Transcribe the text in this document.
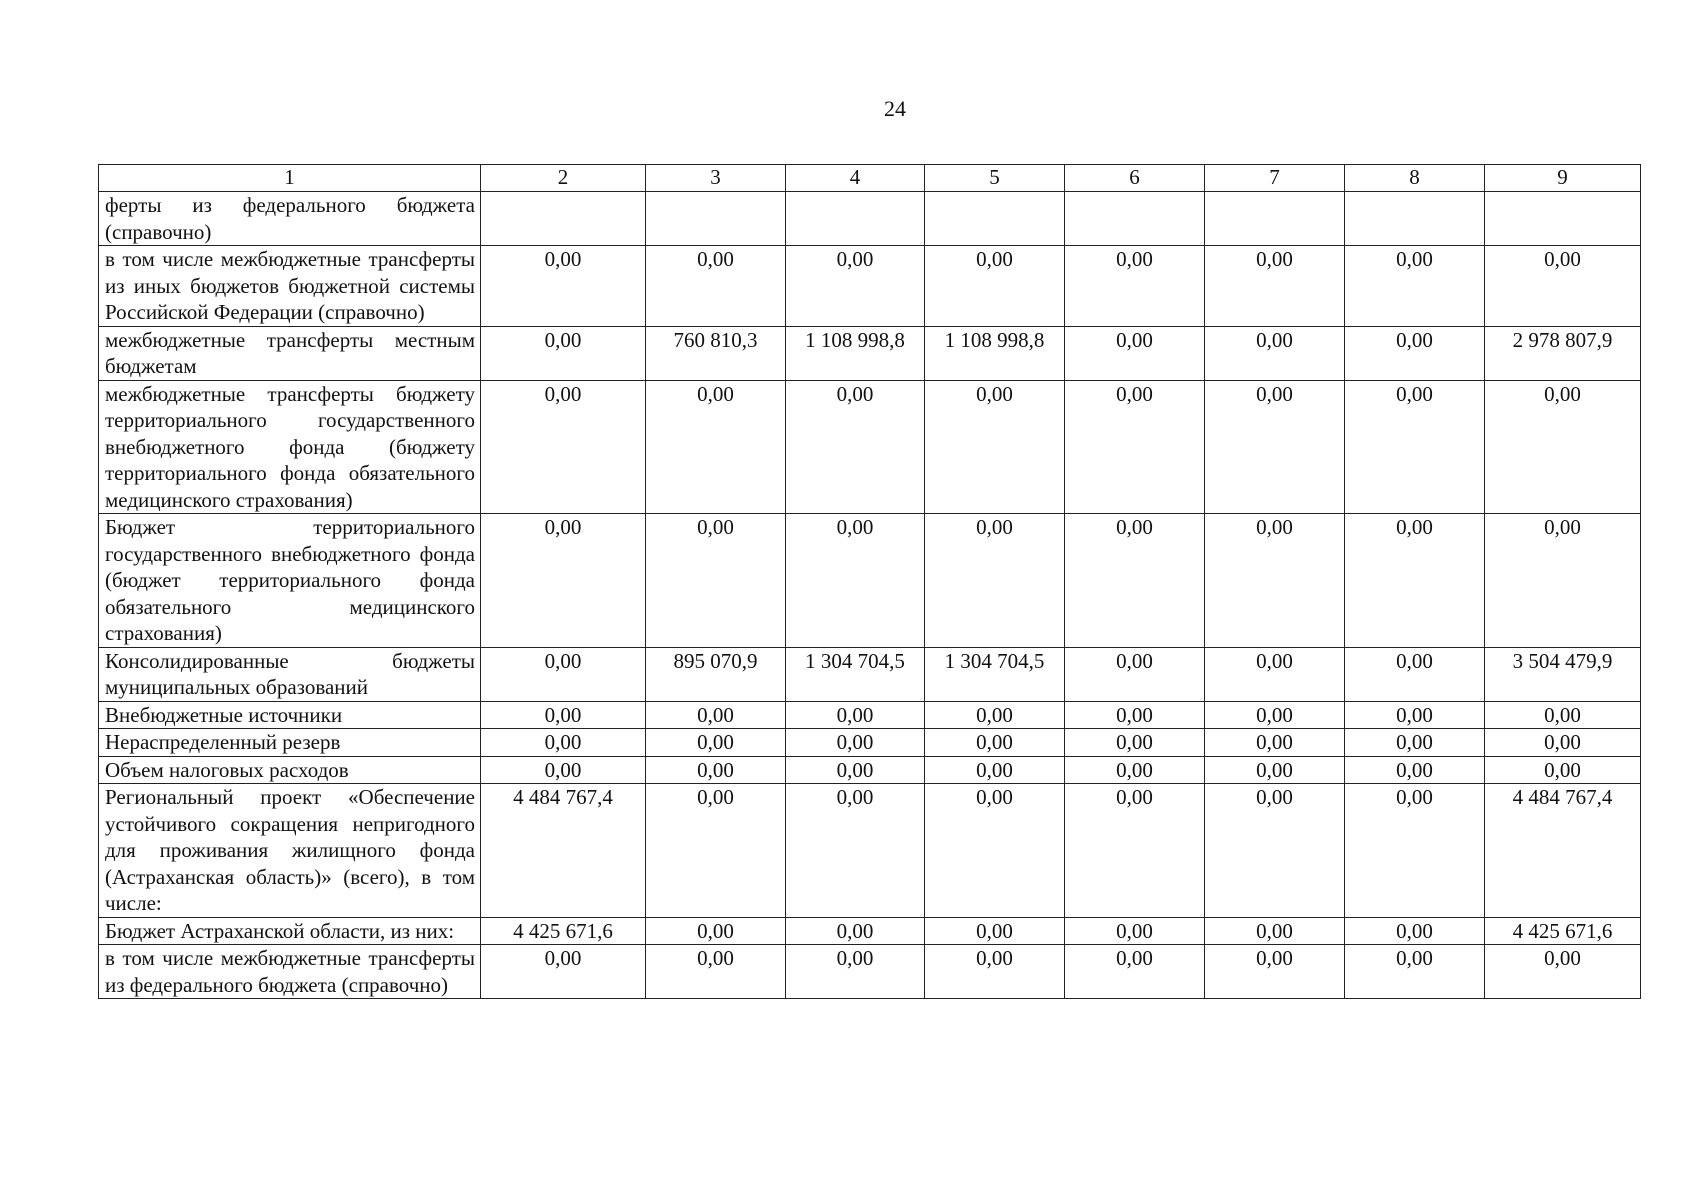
24
1	2	3	4	5	6	7	8	9
ферты из федерального бюджета (справочно)								
в том числе межбюджетные трансферты из иных бюджетов бюджетной системы Российской Федерации (справочно)	0,00	0,00	0,00	0,00	0,00	0,00	0,00	0,00
межбюджетные трансферты местным бюджетам	0,00	760 810,3	1 108 998,8	1 108 998,8	0,00	0,00	0,00	2 978 807,9
межбюджетные трансферты бюджету территориального государственного внебюджетного фонда (бюджету территориального фонда обязательного медицинского страхования)	0,00	0,00	0,00	0,00	0,00	0,00	0,00	0,00
Бюджет территориального государственного внебюджетного фонда (бюджет территориального фонда обязательного медицинского страхования)	0,00	0,00	0,00	0,00	0,00	0,00	0,00	0,00
Консолидированные бюджеты муниципальных образований	0,00	895 070,9	1 304 704,5	1 304 704,5	0,00	0,00	0,00	3 504 479,9
Внебюджетные источники	0,00	0,00	0,00	0,00	0,00	0,00	0,00	0,00
Нераспределенный резерв	0,00	0,00	0,00	0,00	0,00	0,00	0,00	0,00
Объем налоговых расходов	0,00	0,00	0,00	0,00	0,00	0,00	0,00	0,00
Региональный проект «Обеспечение устойчивого сокращения непригодного для проживания жилищного фонда (Астраханская область)» (всего), в том числе:	4 484 767,4	0,00	0,00	0,00	0,00	0,00	0,00	4 484 767,4
Бюджет Астраханской области, из них:	4 425 671,6	0,00	0,00	0,00	0,00	0,00	0,00	4 425 671,6
в том числе межбюджетные трансферты из федерального бюджета (справочно)	0,00	0,00	0,00	0,00	0,00	0,00	0,00	0,00
